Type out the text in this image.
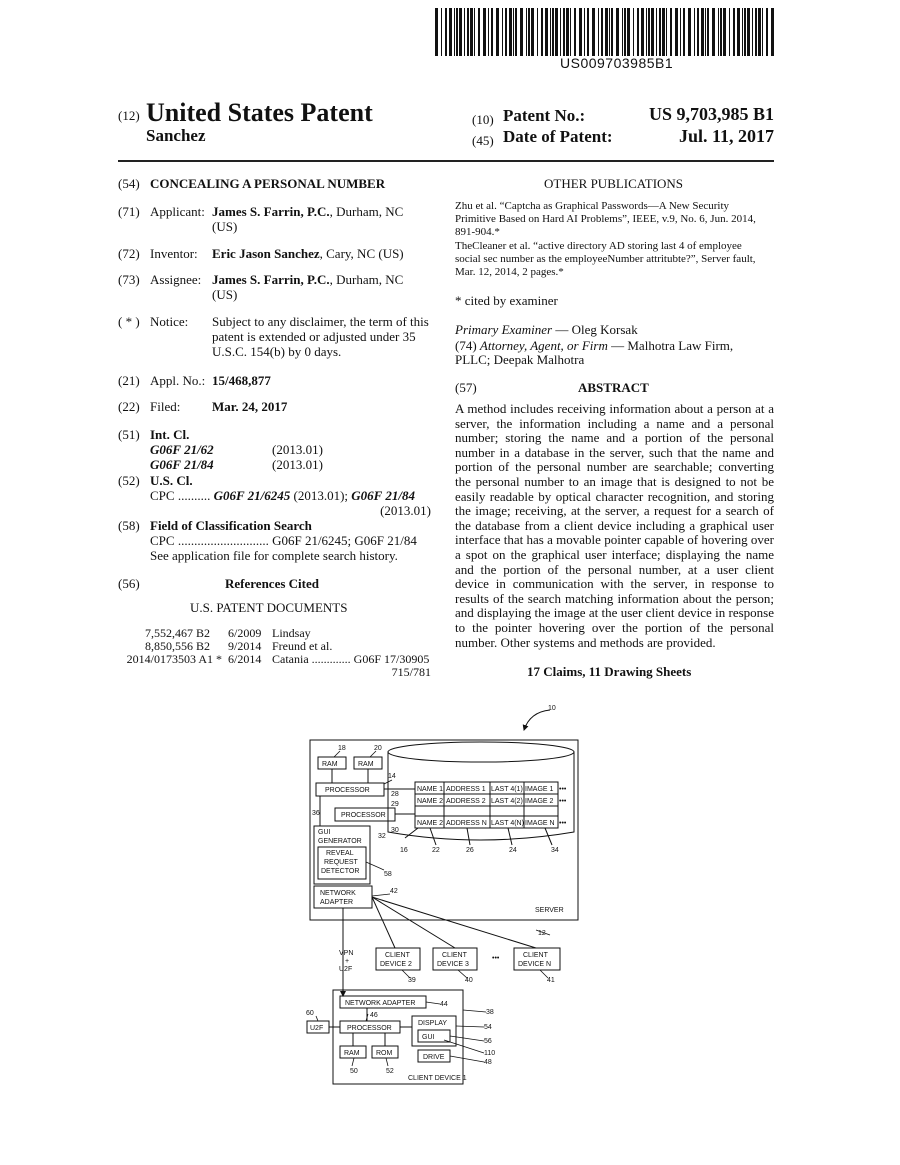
US009703985B1
(12) United States Patent
Sanchez
(10) Patent No.:	US 9,703,985 B1
(45) Date of Patent:	Jul. 11, 2017
(54) CONCEALING A PERSONAL NUMBER
(71) Applicant: James S. Farrin, P.C., Durham, NC
(US)
(72) Inventor: Eric Jason Sanchez, Cary, NC (US)
(73) Assignee: James S. Farrin, P.C., Durham, NC
(US)
( * ) Notice: Subject to any disclaimer, the term of this
patent is extended or adjusted under 35
U.S.C. 154(b) by 0 days.
(21) Appl. No.: 15/468,877
(22) Filed: Mar. 24, 2017
(51) Int. Cl.
G06F 21/62	(2013.01)
G06F 21/84	(2013.01)
(52) U.S. Cl.
CPC .......... G06F 21/6245 (2013.01); G06F 21/84
(2013.01)
(58) Field of Classification Search
CPC ............................ G06F 21/6245; G06F 21/84
See application file for complete search history.
(56)	References Cited
U.S. PATENT DOCUMENTS
7,552,467 B2 6/2009 Lindsay
8,850,556 B2 9/2014 Freund et al.
2014/0173503 A1 * 6/2014 Catania ............. G06F 17/30905
715/781
OTHER PUBLICATIONS
Zhu et al. “Captcha as Graphical Passwords—A New Security
Primitive Based on Hard AI Problems”, IEEE, v.9, No. 6, Jun. 2014,
891-904.*
TheCleaner et al. “active directory AD storing last 4 of employee
social sec number as the employeeNumber attritubte?”, Server fault,
Mar. 12, 2014, 2 pages.*
* cited by examiner
Primary Examiner — Oleg Korsak
(74) Attorney, Agent, or Firm — Malhotra Law Firm,
PLLC; Deepak Malhotra
(57)	ABSTRACT
A method includes receiving information about a person at a server, the information including a name and a personal number; storing the name and a portion of the personal number in a database in the server, such that the name and portion of the personal number are searchable; converting the personal number to an image that is designed to not be easily readable by optical character recognition, and storing the image; receiving, at the server, a request for a search of the database from a client device including a graphical user interface that has a movable pointer capable of hovering over a spot on the graphical user interface; displaying the name and the portion of the personal number, at a user client device in communication with the server, in response to results of the search matching information about the person; and displaying the image at the user client device in response to the pointer hovering over the portion of the personal number. Other systems and methods are provided.
17 Claims, 11 Drawing Sheets
10
SERVER
12
18	20
RAM	RAM
14
PROCESSOR
PROCESSOR
36
28
29
30
32
GUI
GENERATOR
REVEAL
REQUEST
DETECTOR	58
NETWORK
ADAPTER
42
NAME 1 ADDRESS 1 LAST 4(1) IMAGE 1
NAME 2 ADDRESS 2 LAST 4(2) IMAGE 2
NAME 2 ADDRESS N LAST 4(N) IMAGE N
•••
•••
•••
16	22	26	24	34
VPN
+
U2F
CLIENT
DEVICE 2
39
CLIENT
DEVICE 3
40
•••	CLIENT
DEVICE N
41
NETWORK ADAPTER	44
38
60
U2F
46
PROCESSOR
DISPLAY
54
GUI
56
110
RAM ROM
DRIVE
48
50	52
CLIENT DEVICE 1
